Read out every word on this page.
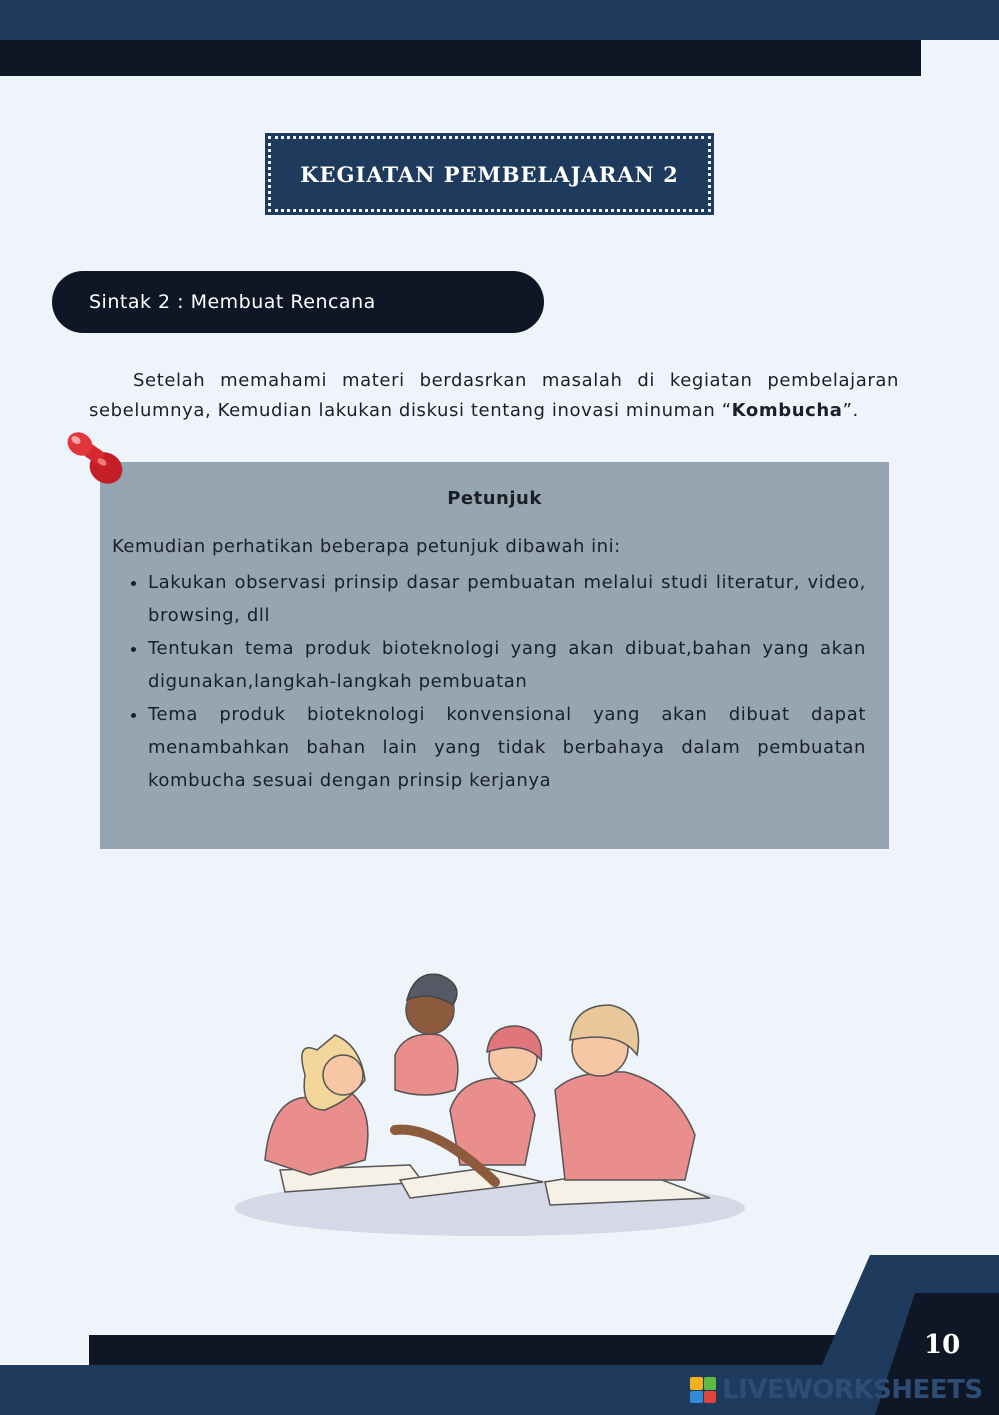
KEGIATAN PEMBELAJARAN 2
Sintak 2 : Membuat Rencana

Setelah memahami materi berdasrkan masalah di kegiatan pembelajaran sebelumnya, Kemudian lakukan diskusi tentang inovasi minuman “Kombucha”.

Petunjuk
Kemudian perhatikan beberapa petunjuk dibawah ini:
• Lakukan observasi prinsip dasar pembuatan melalui studi literatur, video, browsing, dll
• Tentukan tema produk bioteknologi yang akan dibuat,bahan yang akan digunakan,langkah-langkah pembuatan
• Tema produk bioteknologi konvensional yang akan dibuat dapat menambahkan bahan lain yang tidak berbahaya dalam pembuatan kombucha sesuai dengan prinsip kerjanya
10
LIVEWORKSHEETS
